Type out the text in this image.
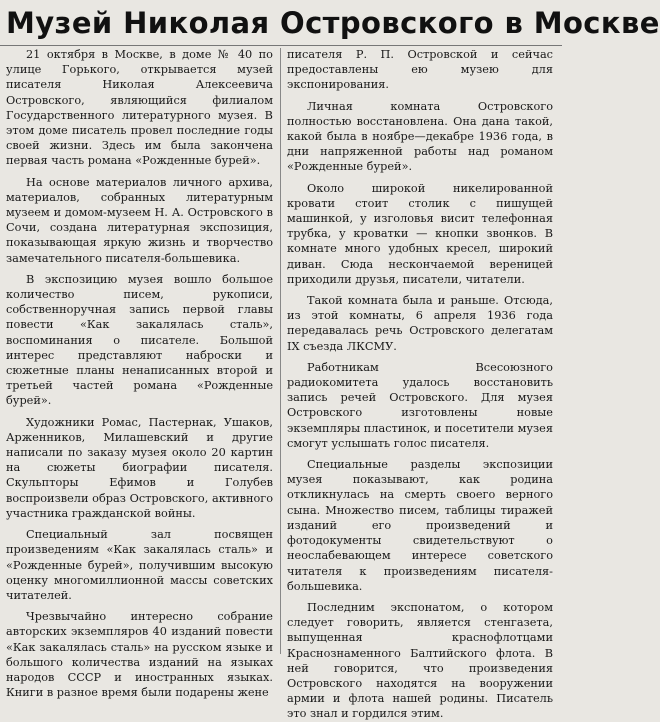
Музей Николая Островского в Москве

21 октября в Москве, в доме № 40 по улице Горького, открывается музей писателя Николая Алексеевича Островского, являющийся филиалом Государственного литературного музея. В этом доме писатель провел последние годы своей жизни. Здесь им была закончена первая часть романа «Рожденные бурей».

На основе материалов личного архива, материалов, собранных литературным музеем и домом-музеем Н. А. Островского в Сочи, создана литературная экспозиция, показывающая яркую жизнь и творчество замечательного писателя-большевика.

В экспозицию музея вошло большое количество писем, рукописи, собственноручная запись первой главы повести «Как закалялась сталь», воспоминания о писателе. Большой интерес представляют наброски и сюжетные планы ненаписанных второй и третьей частей романа «Рожденные бурей».

Художники Ромас, Пастернак, Ушаков, Арженников, Милашевский и другие написали по заказу музея около 20 картин на сюжеты биографии писателя. Скульпторы Ефимов и Голубев воспроизвели образ Островского, активного участника гражданской войны.

Специальный зал посвящен произведениям «Как закалялась сталь» и «Рожденные бурей», получившим высокую оценку многомиллионной массы советских читателей.

Чрезвычайно интересно собрание авторских экземпляров 40 изданий повести «Как закалялась сталь» на русском языке и большого количества изданий на языках народов СССР и иностранных языках. Книги в разное время были подарены жене

писателя Р. П. Островской и сейчас предоставлены ею музею для экспонирования.

Личная комната Островского полностью восстановлена. Она дана такой, какой была в ноябре—декабре 1936 года, в дни напряженной работы над романом «Рожденные бурей».

Около широкой никелированной кровати стоит столик с пишущей машинкой, у изголовья висит телефонная трубка, у кроватки — кнопки звонков. В комнате много удобных кресел, широкий диван. Сюда нескончаемой вереницей приходили друзья, писатели, читатели.

Такой комната была и раньше. Отсюда, из этой комнаты, 6 апреля 1936 года передавалась речь Островского делегатам IX съезда ЛКСМУ.

Работникам Всесоюзного радиокомитета удалось восстановить запись речей Островского. Для музея Островского изготовлены новые экземпляры пластинок, и посетители музея смогут услышать голос писателя.

Специальные разделы экспозиции музея показывают, как родина откликнулась на смерть своего верного сына. Множество писем, таблицы тиражей изданий его произведений и фотодокументы свидетельствуют о неослабевающем интересе советского читателя к произведениям писателя-большевика.

Последним экспонатом, о котором следует говорить, является стенгазета, выпущенная краснофлотцами Краснознаменного Балтийского флота. В ней говорится, что произведения Островского находятся на вооружении армии и флота нашей родины. Писатель это знал и гордился этим.
